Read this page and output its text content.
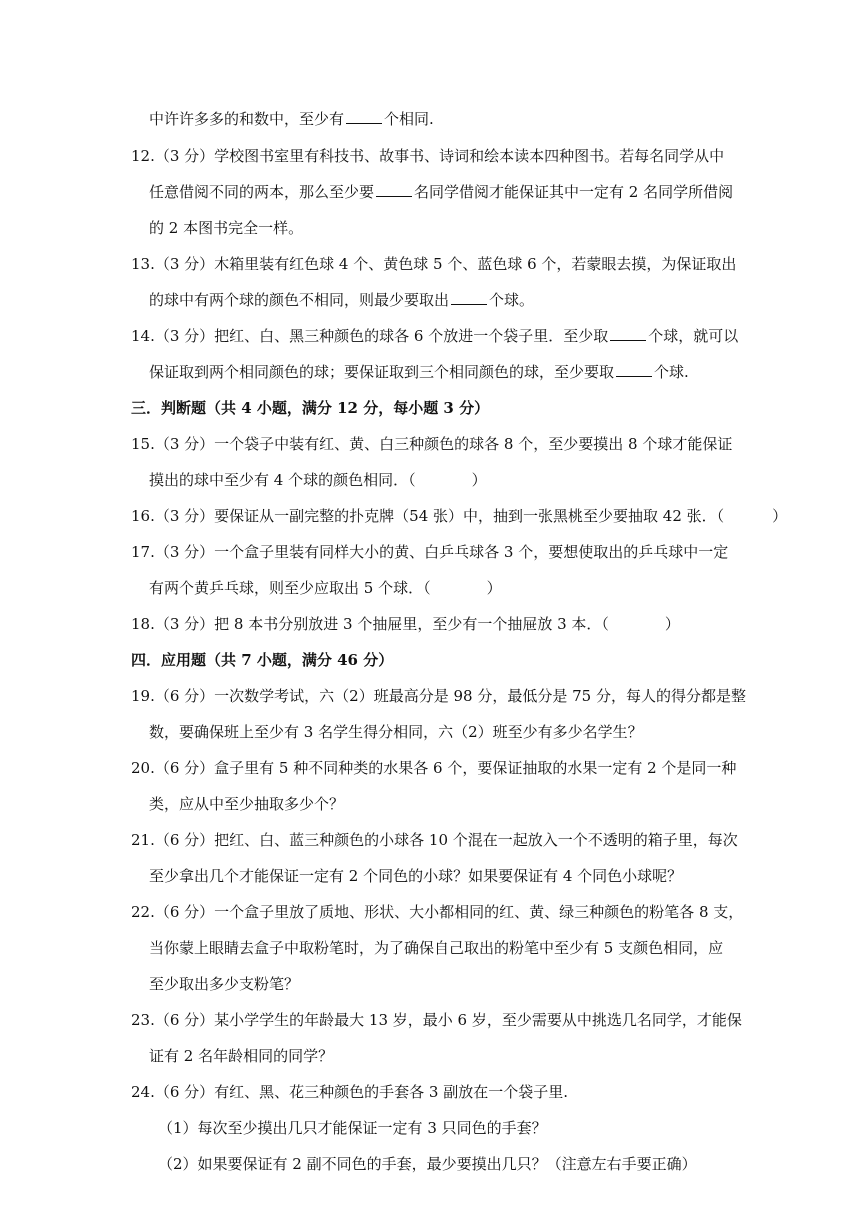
中许许多多的和数中，至少有	个相同.
12.（3 分）学校图书室里有科技书、故事书、诗词和绘本读本四种图书。若每名同学从中
任意借阅不同的两本，那么至少要	名同学借阅才能保证其中一定有 2 名同学所借阅
的 2 本图书完全一样。
13.（3 分）木箱里装有红色球 4 个、黄色球 5 个、蓝色球 6 个，若蒙眼去摸，为保证取出
的球中有两个球的颜色不相同，则最少要取出	个球。
14.（3 分）把红、白、黑三种颜色的球各 6 个放进一个袋子里．至少取	个球，就可以
保证取到两个相同颜色的球；要保证取到三个相同颜色的球，至少要取	个球.
三．判断题（共 4 小题，满分 12 分，每小题 3 分）
15.（3 分）一个袋子中装有红、黄、白三种颜色的球各 8 个，至少要摸出 8 个球才能保证
摸出的球中至少有 4 个球的颜色相同．（	）
16.（3 分）要保证从一副完整的扑克牌（54 张）中，抽到一张黑桃至少要抽取 42 张．（	）
17.（3 分）一个盒子里装有同样大小的黄、白乒乓球各 3 个，要想使取出的乒乓球中一定
有两个黄乒乓球，则至少应取出 5 个球．（	）
18.（3 分）把 8 本书分别放进 3 个抽屉里，至少有一个抽屉放 3 本．（	）
四．应用题（共 7 小题，满分 46 分）
19.（6 分）一次数学考试，六（2）班最高分是 98 分，最低分是 75 分，每人的得分都是整
数，要确保班上至少有 3 名学生得分相同，六（2）班至少有多少名学生？
20.（6 分）盒子里有 5 种不同种类的水果各 6 个，要保证抽取的水果一定有 2 个是同一种
类，应从中至少抽取多少个？
21.（6 分）把红、白、蓝三种颜色的小球各 10 个混在一起放入一个不透明的箱子里，每次
至少拿出几个才能保证一定有 2 个同色的小球？如果要保证有 4 个同色小球呢？
22.（6 分）一个盒子里放了质地、形状、大小都相同的红、黄、绿三种颜色的粉笔各 8 支，
当你蒙上眼睛去盒子中取粉笔时，为了确保自己取出的粉笔中至少有 5 支颜色相同，应
至少取出多少支粉笔？
23.（6 分）某小学学生的年龄最大 13 岁，最小 6 岁，至少需要从中挑选几名同学，才能保
证有 2 名年龄相同的同学？
24.（6 分）有红、黑、花三种颜色的手套各 3 副放在一个袋子里.
（1）每次至少摸出几只才能保证一定有 3 只同色的手套？
（2）如果要保证有 2 副不同色的手套，最少要摸出几只？（注意左右手要正确）
